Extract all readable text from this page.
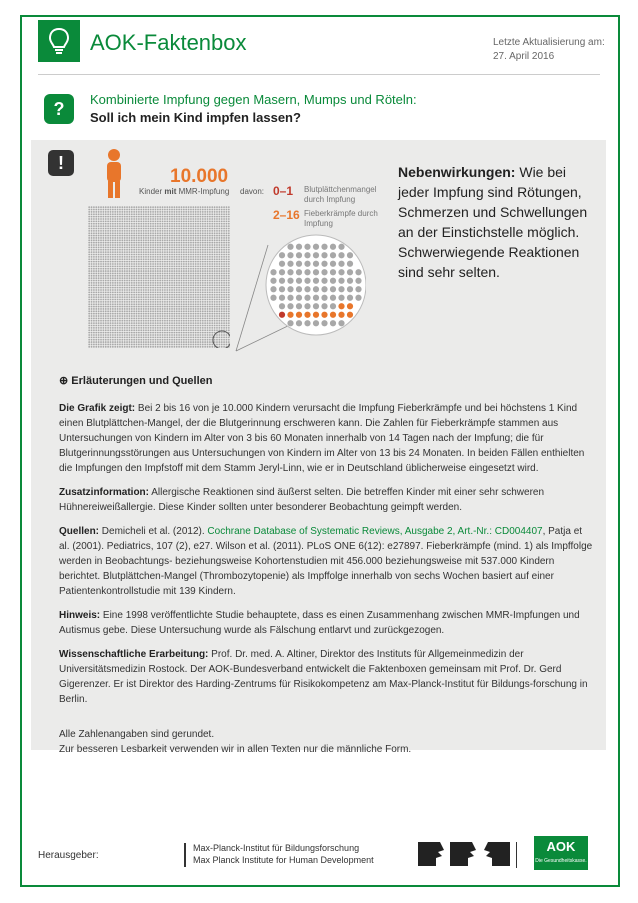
AOK-Faktenbox	Letzte Aktualisierung am:
27. April 2016
?	Kombinierte Impfung gegen Masern, Mumps und Röteln:
Soll ich mein Kind impfen lassen?
!
10.000
Kinder mit MMR-Impfung davon: 0–1 Blutplättchenmangel durch Impfung
2–16 Fieberkrämpfe durch Impfung
Nebenwirkungen: Wie bei jeder Impfung sind Rötungen, Schmerzen und Schwellungen an der Einstichstelle möglich. Schwerwiegende Reaktionen sind sehr selten.

⊕ Erläuterungen und Quellen

Die Grafik zeigt: Bei 2 bis 16 von je 10.000 Kindern verursacht die Impfung Fieberkrämpfe und bei höchstens 1 Kind einen Blutplättchen-Mangel, der die Blutgerinnung erschweren kann. Die Zahlen für Fieberkrämpfe stammen aus Untersuchungen von Kindern im Alter von 3 bis 60 Monaten innerhalb von 14 Tagen nach der Impfung; die für Blutgerinnungsstörungen aus Untersuchungen von Kindern im Alter von 13 bis 24 Monaten. In beiden Fällen enthielten die Impfungen den Impfstoff mit dem Stamm Jeryl-Linn, wie er in Deutschland üblicherweise eingesetzt wird.

Zusatzinformation: Allergische Reaktionen sind äußerst selten. Die betreffen Kinder mit einer sehr schweren Hühnereiweißallergie. Diese Kinder sollten unter besonderer Beobachtung geimpft werden.

Quellen: Demicheli et al. (2012). Cochrane Database of Systematic Reviews, Ausgabe 2, Art.-Nr.: CD004407, Patja et al. (2001). Pediatrics, 107 (2), e27. Wilson et al. (2011). PLoS ONE 6(12): e27897. Fieberkrämpfe (mind. 1) als Impffolge werden in Beobachtungs- beziehungsweise Kohortenstudien mit 456.000 beziehungsweise mit 537.000 Kindern berichtet. Blutplättchen-Mangel (Thrombozytopenie) als Impffolge innerhalb von sechs Wochen basiert auf einer Patientenkontrollstudie mit 139 Kindern.

Hinweis: Eine 1998 veröffentlichte Studie behauptete, dass es einen Zusammenhang zwischen MMR-Impfungen und Autismus gebe. Diese Untersuchung wurde als Fälschung entlarvt und zurückgezogen.

Wissenschaftliche Erarbeitung: Prof. Dr. med. A. Altiner, Direktor des Instituts für Allgemeinmedizin der Universitätsmedizin Rostock. Der AOK-Bundesverband entwickelt die Faktenboxen gemeinsam mit Prof. Dr. Gerd Gigerenzer. Er ist Direktor des Harding-Zentrums für Risikokompetenz am Max-Planck-Institut für Bildungs-forschung in Berlin.

Alle Zahlenangaben sind gerundet.
Zur besseren Lesbarkeit verwenden wir in allen Texten nur die männliche Form.

Herausgeber:
Max-Planck-Institut für Bildungsforschung
Max Planck Institute for Human Development
AOK
Die Gesundheitskasse.
